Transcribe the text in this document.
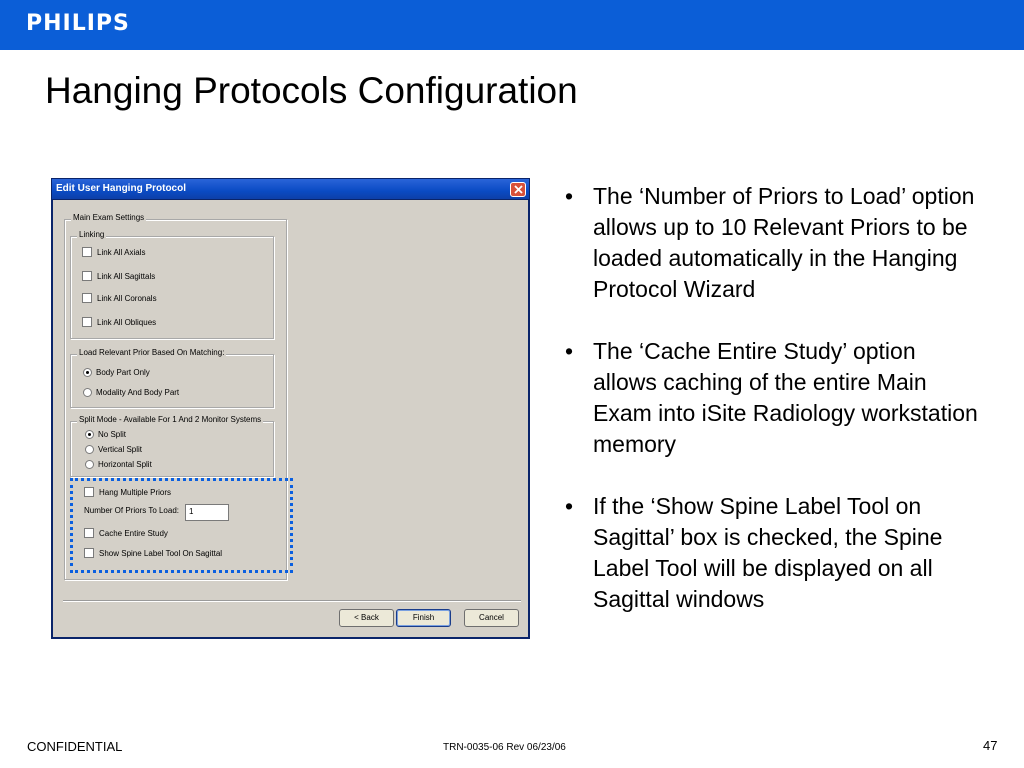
PHILIPS
Hanging Protocols Configuration
Edit User Hanging Protocol
Main Exam Settings
Linking
Link All Axials
Link All Sagittals
Link All Coronals
Link All Obliques
Load Relevant Prior Based On Matching:
Body Part Only
Modality And Body Part
Split Mode - Available For 1 And 2 Monitor Systems
No Split
Vertical Split
Horizontal Split
Hang Multiple Priors
Number Of Priors To Load:	1
Cache Entire Study
Show Spine Label Tool On Sagittal
< Back	Finish	Cancel
• The ‘Number of Priors to Load’ option allows up to 10 Relevant Priors to be loaded automatically in the Hanging Protocol Wizard
• The ‘Cache Entire Study’ option allows caching of the entire Main Exam into iSite Radiology workstation memory
• If the ‘Show Spine Label Tool on Sagittal’ box is checked, the Spine Label Tool will be displayed on all Sagittal windows
CONFIDENTIAL	TRN-0035-06 Rev 06/23/06	47
